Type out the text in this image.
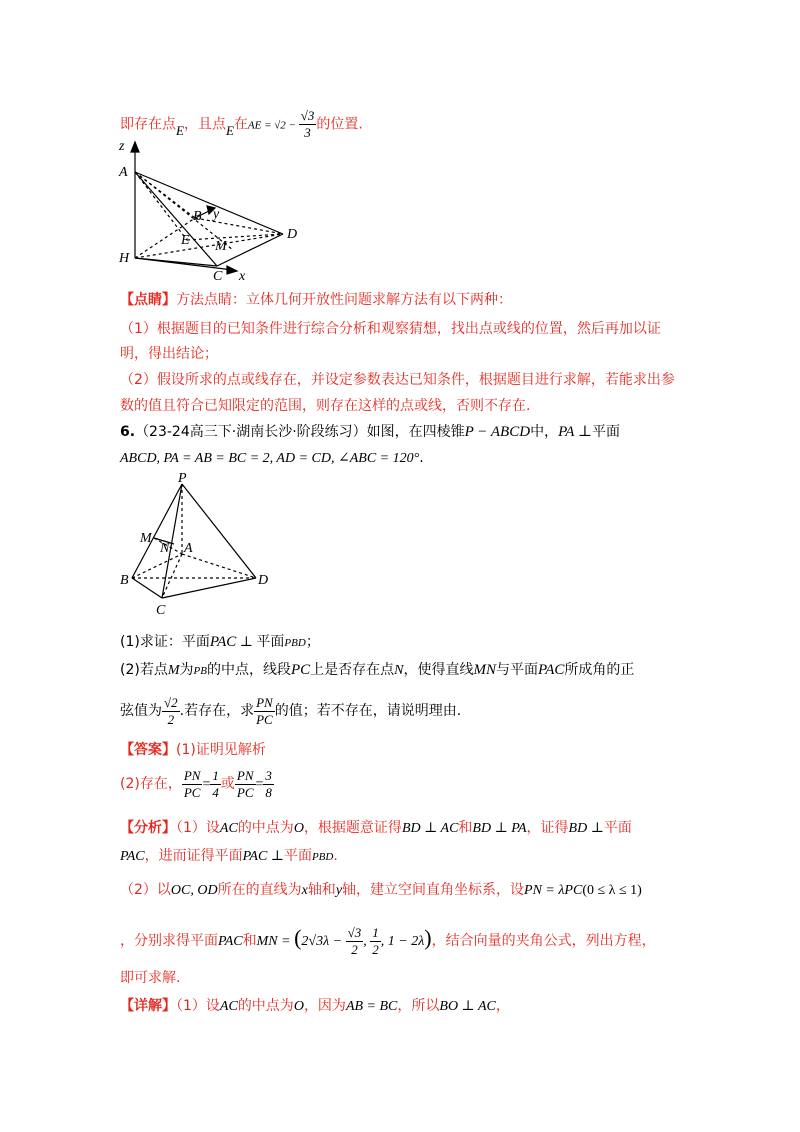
即存在点E，且点E在AE = $√2 - \frac{√3}{3}$ 的位置.
z
A
B y
E M
D
H
C x
【点睛】方法点睛：立体几何开放性问题求解方法有以下两种：
（1）根据题目的已知条件进行综合分析和观察猜想，找出点或线的位置，然后再加以证
明，得出结论；
（2）假设所求的点或线存在，并设定参数表达已知条件，根据题目进行求解，若能求出参
数的值且符合已知限定的范围，则存在这样的点或线，否则不存在.
6.（23-24高三下·湖南长沙·阶段练习）如图，在四棱锥P − ABCD中，PA ⊥平面
ABCD, PA = AB = BC = 2, AD = CD, ∠ABC = 120°.
P
M
N A
B	D
C
(1)求证：平面PAC ⊥ 平面PBD；
(2)若点M为PB的中点，线段PC上是否存在点N，使得直线MN与平面PAC所成角的正
弦值为 $\frac{√2}{2}$ .若存在，求 $\frac{PN}{PC}$ 的值；若不存在，请说明理由.
【答案】(1)证明见解析
(2)存在， $\frac{PN}{PC} = \frac{1}{4}$ 或 $\frac{PN}{PC} = \frac{3}{8}$
【分析】（1）设AC的中点为O，根据题意证得BD ⊥ AC和BD ⊥ PA，证得BD ⊥平面
PAC，进而证得平面PAC ⊥平面PBD.
（2）以OC, OD所在的直线为x轴和y轴，建立空间直角坐标系，设PN = λPC(0 ≤ λ ≤ 1)
，分别求得平面PAC和MN = ($2√3\lambda - \frac{√3}{2}$ , $\frac{1}{2}$ , 1 − 2λ)，结合向量的夹角公式，列出方程，
即可求解.
【详解】（1）设AC的中点为O，因为AB = BC，所以BO ⊥ AC，
